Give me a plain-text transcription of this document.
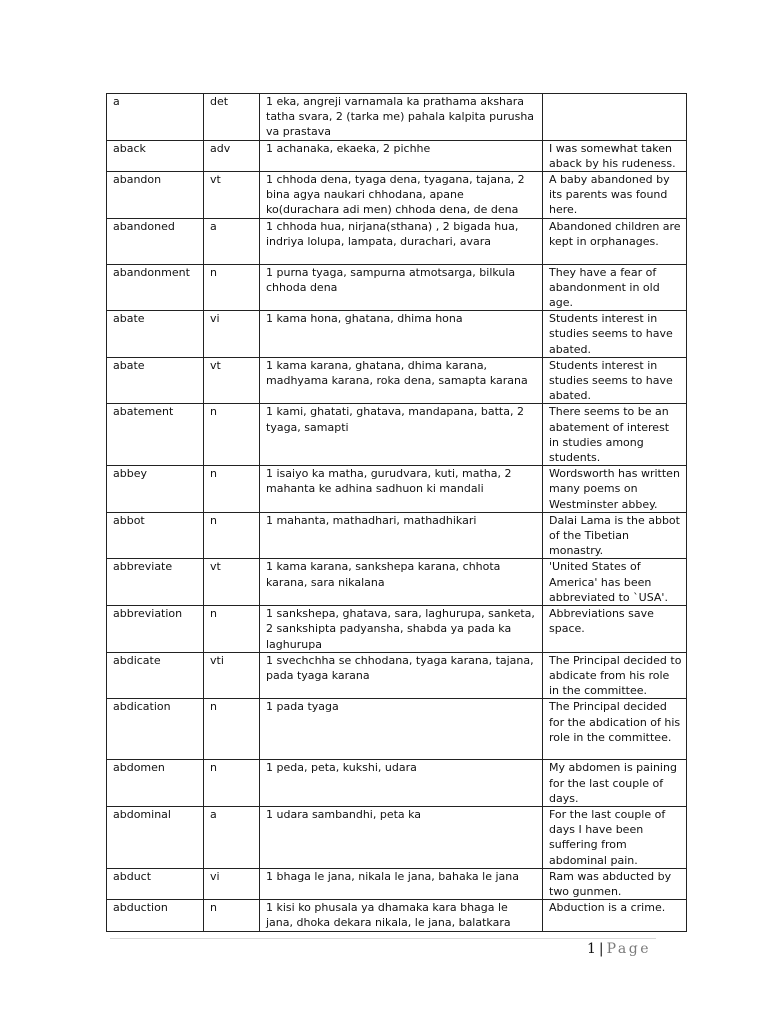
a	det	1 eka, angreji varnamala ka prathama akshara tatha svara, 2 (tarka me) pahala kalpita purusha va prastava	
aback	adv	1 achanaka, ekaeka, 2 pichhe	I was somewhat taken aback by his rudeness.
abandon	vt	1 chhoda dena, tyaga dena, tyagana, tajana, 2 bina agya naukari chhodana, apane ko(durachara adi men) chhoda dena, de dena	A baby abandoned by its parents was found here.
abandoned	a	1 chhoda hua, nirjana(sthana) , 2 bigada hua, indriya lolupa, lampata, durachari, avara	Abandoned children are kept in orphanages.
abandonment	n	1 purna tyaga, sampurna atmotsarga, bilkula chhoda dena	They have a fear of abandonment in old age.
abate	vi	1 kama hona, ghatana, dhima hona	Students interest in studies seems to have abated.
abate	vt	1 kama karana, ghatana, dhima karana, madhyama karana, roka dena, samapta karana	Students interest in studies seems to have abated.
abatement	n	1 kami, ghatati, ghatava, mandapana, batta, 2 tyaga, samapti	There seems to be an abatement of interest in studies among students.
abbey	n	1 isaiyo ka matha, gurudvara, kuti, matha, 2 mahanta ke adhina sadhuon ki mandali	Wordsworth has written many poems on Westminster abbey.
abbot	n	1 mahanta, mathadhari, mathadhikari	Dalai Lama is the abbot of the Tibetian monastry.
abbreviate	vt	1 kama karana, sankshepa karana, chhota karana, sara nikalana	'United States of America' has been abbreviated to `USA'.
abbreviation	n	1 sankshepa, ghatava, sara, laghurupa, sanketa, 2 sankshipta padyansha, shabda ya pada ka laghurupa	Abbreviations save space.
abdicate	vti	1 svechchha se chhodana, tyaga karana, tajana, pada tyaga karana	The Principal decided to abdicate from his role in the committee.
abdication	n	1 pada tyaga	The Principal decided for the abdication of his role in the committee.
abdomen	n	1 peda, peta, kukshi, udara	My abdomen is paining for the last couple of days.
abdominal	a	1 udara sambandhi, peta ka	For the last couple of days I have been suffering from abdominal pain.
abduct	vi	1 bhaga le jana, nikala le jana, bahaka le jana	Ram was abducted by two gunmen.
abduction	n	1 kisi ko phusala ya dhamaka kara bhaga le jana, dhoka dekara nikala, le jana, balatkara	Abduction is a crime.
1 | Page
